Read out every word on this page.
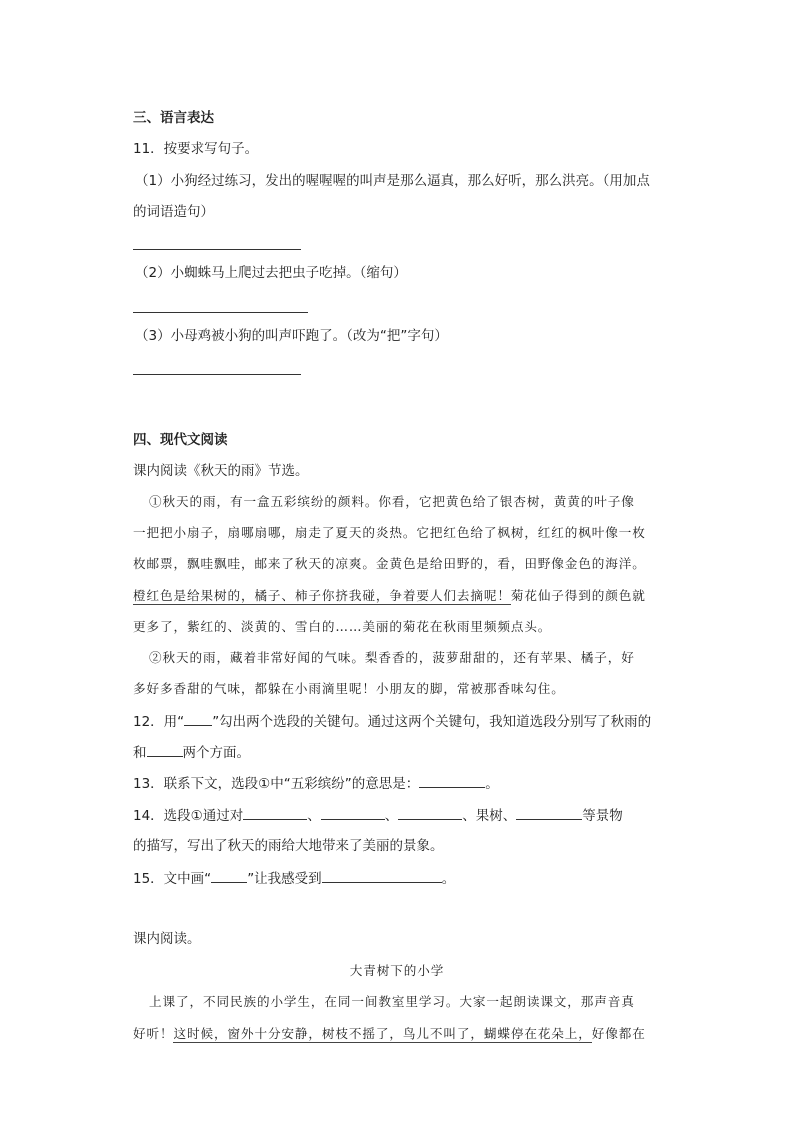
三、语言表达
11．按要求写句子。
（1）小狗经过练习，发出的喔喔喔的叫声是那么逼真，那么好听，那么洪亮。（用加点
的词语造句）
（2）小蜘蛛马上爬过去把虫子吃掉。（缩句）
（3）小母鸡被小狗的叫声吓跑了。（改为“把”字句）
四、现代文阅读
课内阅读《秋天的雨》节选。
①秋天的雨，有一盒五彩缤纷的颜料。你看，它把黄色给了银杏树，黄黄的叶子像
一把把小扇子，扇哪扇哪，扇走了夏天的炎热。它把红色给了枫树，红红的枫叶像一枚
枚邮票，飘哇飘哇，邮来了秋天的凉爽。金黄色是给田野的，看，田野像金色的海洋。
橙红色是给果树的，橘子、柿子你挤我碰，争着要人们去摘呢！菊花仙子得到的颜色就
更多了，紫红的、淡黄的、雪白的……美丽的菊花在秋雨里频频点头。
②秋天的雨，藏着非常好闻的气味。梨香香的，菠萝甜甜的，还有苹果、橘子，好
多好多香甜的气味，都躲在小雨滴里呢！小朋友的脚，常被那香味勾住。
12．用“ ”勾出两个选段的关键句。通过这两个关键句，我知道选段分别写了秋雨的
和	两个方面。
13．联系下文，选段①中“五彩缤纷”的意思是：	。
14．选段①通过对	、	、	、果树、	等景物
的描写，写出了秋天的雨给大地带来了美丽的景象。
15．文中画“	”让我感受到	。
课内阅读。
大青树下的小学
上课了，不同民族的小学生，在同一间教室里学习。大家一起朗读课文，那声音真
好听！这时候，窗外十分安静，树枝不摇了，鸟儿不叫了，蝴蝶停在花朵上，好像都在
